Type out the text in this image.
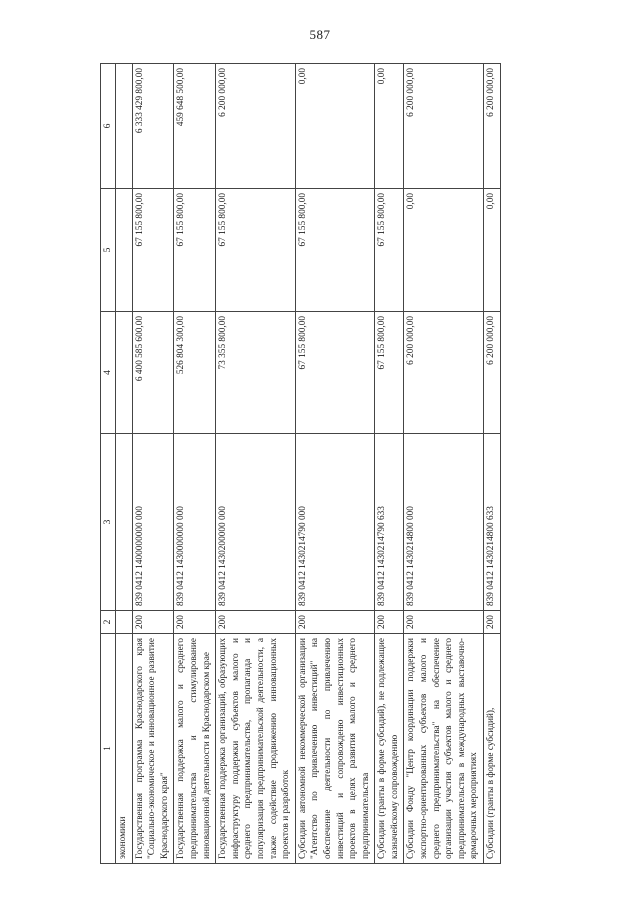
587
1	2	3	4	5	6
экономики					
Государственная программа Краснодарского края "Социально-экономическое и инновационное развитие Краснодарского края"	200	839 0412 1400000000 000	6 400 585 600,00	67 155 800,00	6 333 429 800,00
Государственная поддержка малого и среднего предпринимательства и стимулирование инновационной деятельности в Краснодарском крае	200	839 0412 1430000000 000	526 804 300,00	67 155 800,00	459 648 500,00
Государственная поддержка организаций, образующих инфраструктуру поддержки субъектов малого и среднего предпринимательства, пропаганда и популяризация предпринимательской деятельности, а также содействие продвижению инновационных проектов и разработок	200	839 0412 1430200000 000	73 355 800,00	67 155 800,00	6 200 000,00
Субсидии автономной некоммерческой организации "Агентство по привлечению инвестиций" на обеспечение деятельности по привлечению инвестиций и сопровожденю инвестиционных проектов в целях развития малого и среднего предпринимательства	200	839 0412 1430214790 000	67 155 800,00	67 155 800,00	0,00
Субсидии (гранты в форме субсидий), не подлежащие казначейскому сопровождению	200	839 0412 1430214790 633	67 155 800,00	67 155 800,00	0,00
Субсидии Фонду "Центр координации поддержки экспортно-ориентированных субъектов малого и среднего предпринимательства" на обеспечение организации участия субъектов малого и среднего предпринимательства в международных выставочно-ярмарочных мероприятиях	200	839 0412 1430214800 000	6 200 000,00	0,00	6 200 000,00
Субсидии (гранты в форме субсидий),	200	839 0412 1430214800 633	6 200 000,00	0,00	6 200 000,00
